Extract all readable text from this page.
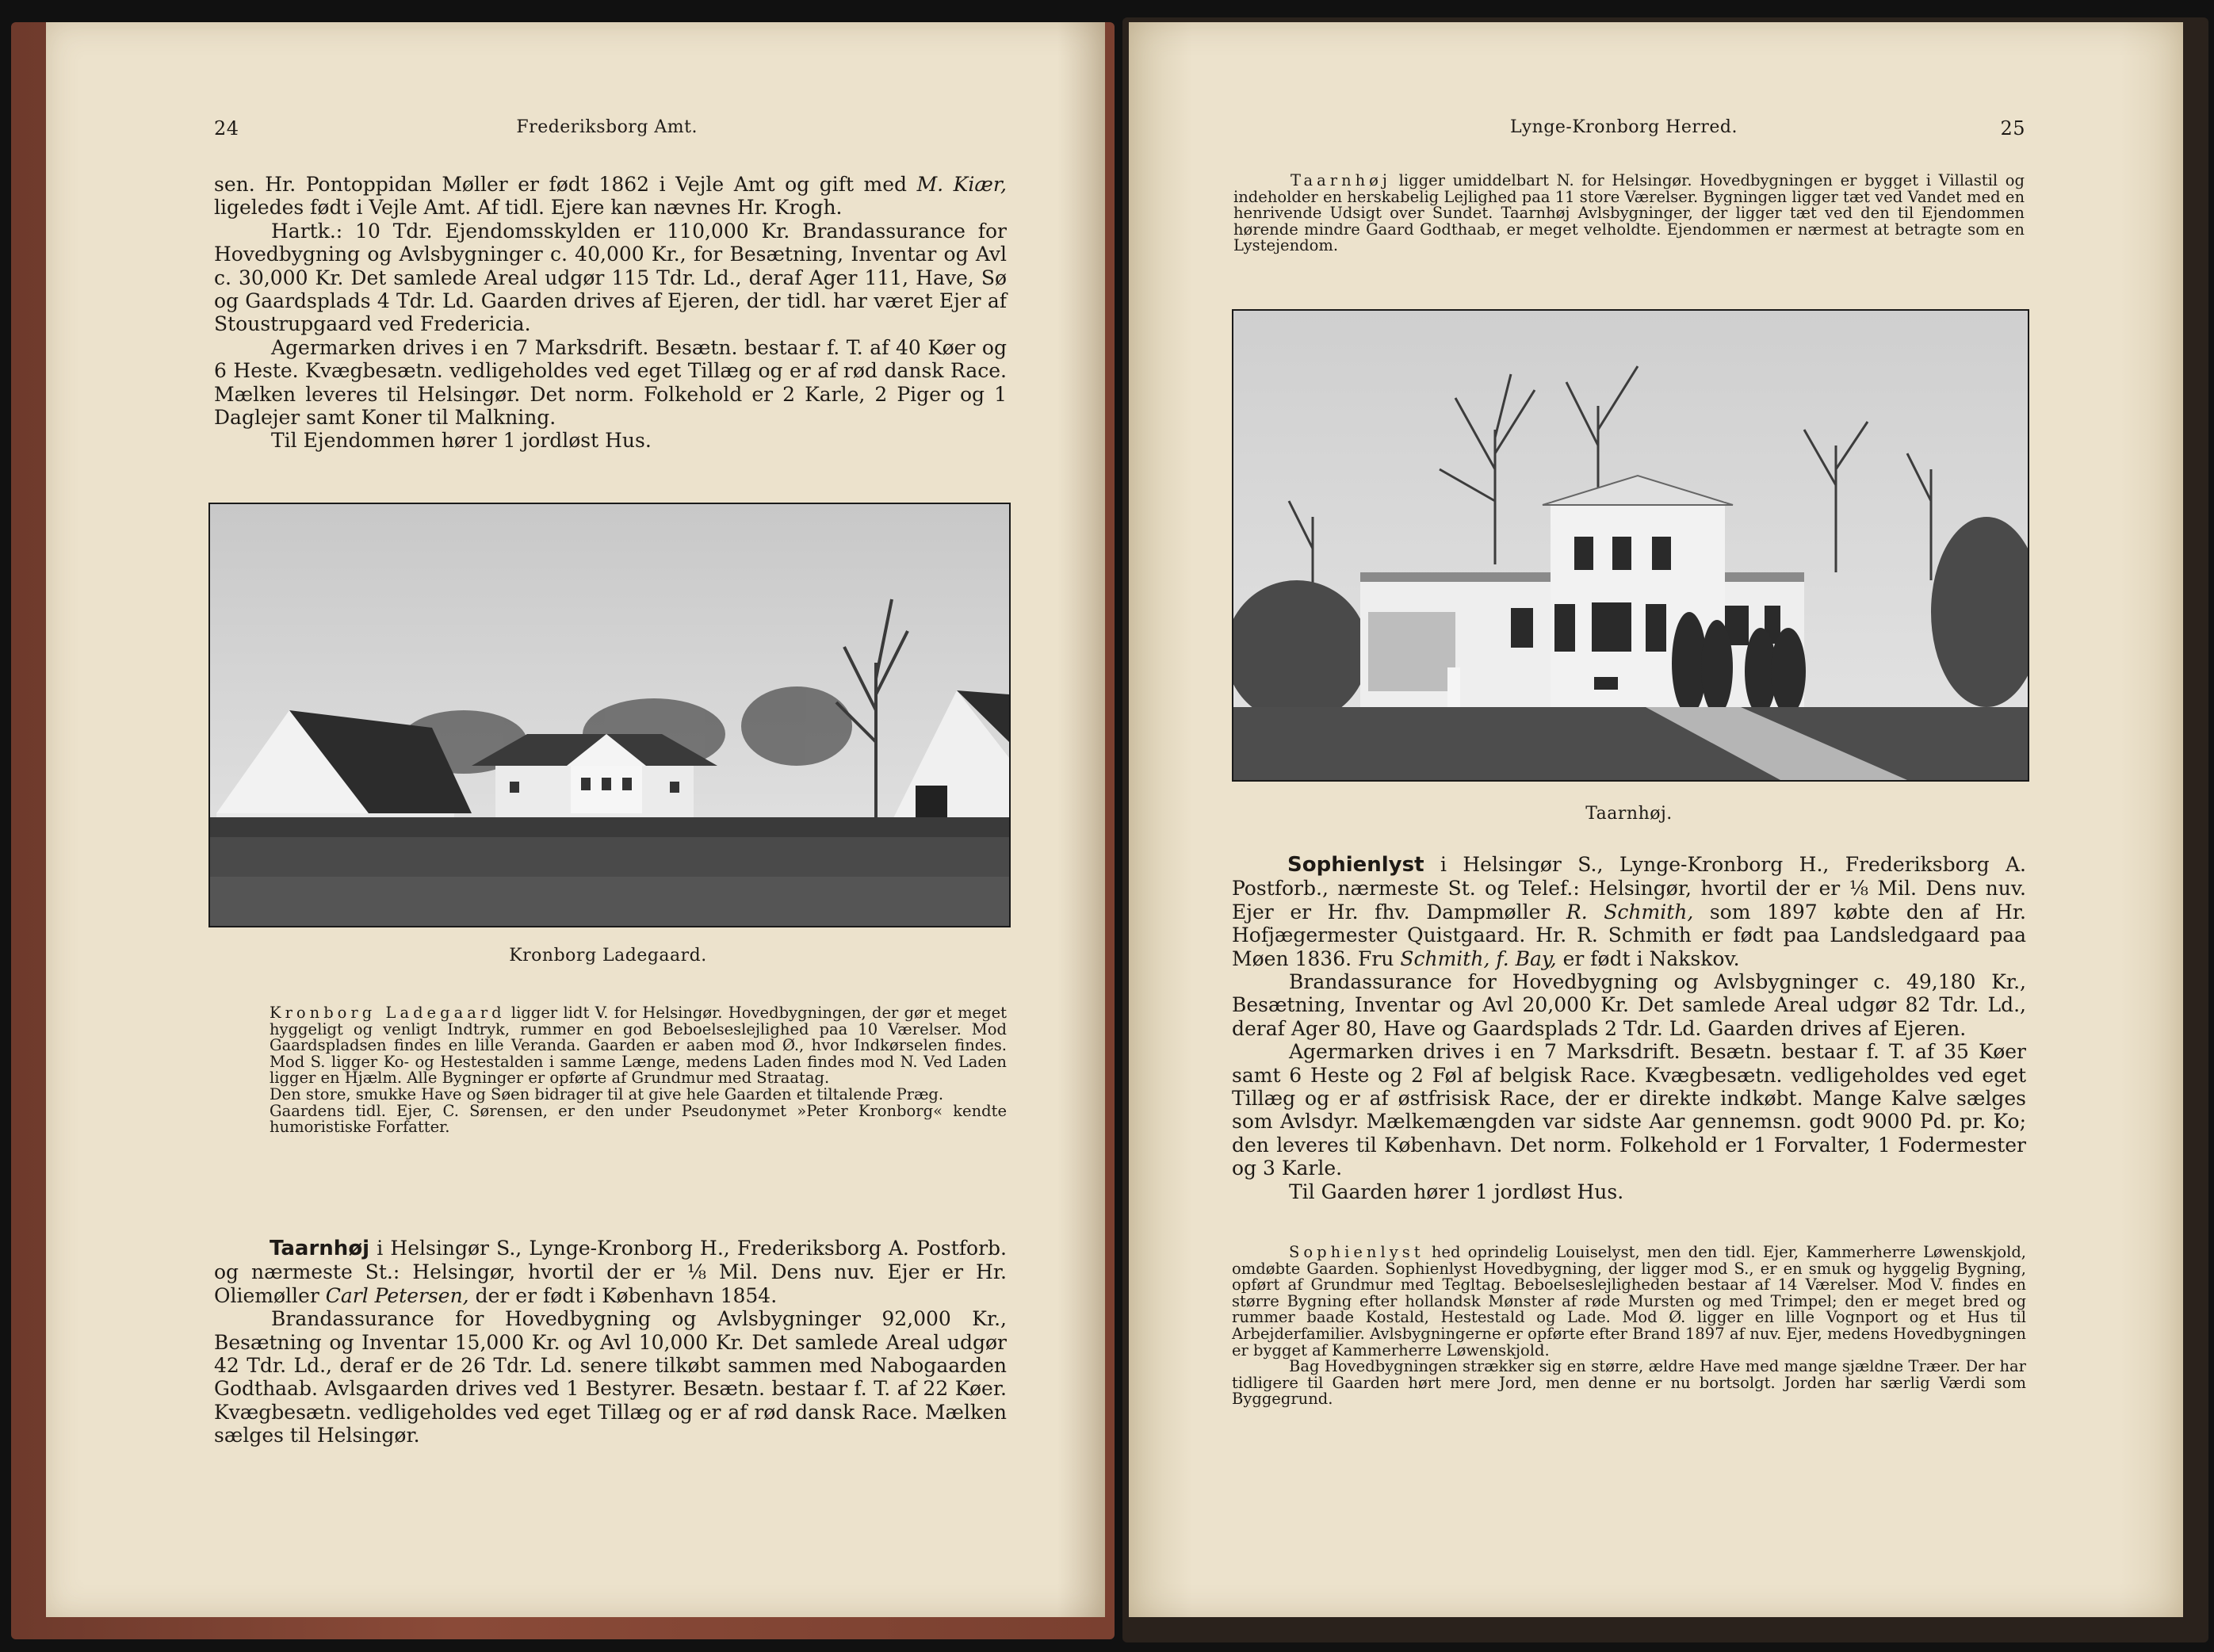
24	Frederiksborg Amt.

sen. Hr. Pontoppidan Møller er født 1862 i Vejle Amt og gift med M. Kiær, ligeledes født i Vejle Amt. Af tidl. Ejere kan nævnes Hr. Krogh.

Hartk.: 10 Tdr. Ejendomsskylden er 110,000 Kr. Brandassurance for Hovedbygning og Avlsbygninger c. 40,000 Kr., for Besætning, Inventar og Avl c. 30,000 Kr. Det samlede Areal udgør 115 Tdr. Ld., deraf Ager 111, Have, Sø og Gaardsplads 4 Tdr. Ld. Gaarden drives af Ejeren, der tidl. har været Ejer af Stoustrupgaard ved Fredericia.

Agermarken drives i en 7 Marksdrift. Besætn. bestaar f. T. af 40 Køer og 6 Heste. Kvægbesætn. vedligeholdes ved eget Tillæg og er af rød dansk Race. Mælken leveres til Helsingør. Det norm. Folkehold er 2 Karle, 2 Piger og 1 Daglejer samt Koner til Malkning.

Til Ejendommen hører 1 jordløst Hus.

Kronborg Ladegaard.

Kronborg Ladegaard ligger lidt V. for Helsingør. Hovedbygningen, der gør et meget hyggeligt og venligt Indtryk, rummer en god Beboelseslejlighed paa 10 Værelser. Mod Gaardspladsen findes en lille Veranda. Gaarden er aaben mod Ø., hvor Indkørselen findes. Mod S. ligger Ko- og Hestestalden i samme Længe, medens Laden findes mod N. Ved Laden ligger en Hjælm. Alle Bygninger er opførte af Grundmur med Straatag.

Den store, smukke Have og Søen bidrager til at give hele Gaarden et tiltalende Præg.

Gaardens tidl. Ejer, C. Sørensen, er den under Pseudonymet »Peter Kronborg« kendte humoristiske Forfatter.

Taarnhøj i Helsingør S., Lynge-Kronborg H., Frederiksborg A. Postforb. og nærmeste St.: Helsingør, hvortil der er ⅛ Mil. Dens nuv. Ejer er Hr. Oliemøller Carl Petersen, der er født i København 1854.

Brandassurance for Hovedbygning og Avlsbygninger 92,000 Kr., Besætning og Inventar 15,000 Kr. og Avl 10,000 Kr. Det samlede Areal udgør 42 Tdr. Ld., deraf er de 26 Tdr. Ld. senere tilkøbt sammen med Nabogaarden Godthaab. Avlsgaarden drives ved 1 Bestyrer. Besætn. bestaar f. T. af 22 Køer. Kvægbesætn. vedligeholdes ved eget Tillæg og er af rød dansk Race. Mælken sælges til Helsingør.

Lynge-Kronborg Herred.	25

Taarnhøj ligger umiddelbart N. for Helsingør. Hovedbygningen er bygget i Villastil og indeholder en herskabelig Lejlighed paa 11 store Værelser. Bygningen ligger tæt ved Vandet med en henrivende Udsigt over Sundet. Taarnhøj Avlsbygninger, der ligger tæt ved den til Ejendommen hørende mindre Gaard Godthaab, er meget velholdte. Ejendommen er nærmest at betragte som en Lystejendom.

Taarnhøj.

Sophienlyst i Helsingør S., Lynge-Kronborg H., Frederiksborg A. Postforb., nærmeste St. og Telef.: Helsingør, hvortil der er ⅛ Mil. Dens nuv. Ejer er Hr. fhv. Dampmøller R. Schmith, som 1897 købte den af Hr. Hofjægermester Quistgaard. Hr. R. Schmith er født paa Landsledgaard paa Møen 1836. Fru Schmith, f. Bay, er født i Nakskov.

Brandassurance for Hovedbygning og Avlsbygninger c. 49,180 Kr., Besætning, Inventar og Avl 20,000 Kr. Det samlede Areal udgør 82 Tdr. Ld., deraf Ager 80, Have og Gaardsplads 2 Tdr. Ld. Gaarden drives af Ejeren.

Agermarken drives i en 7 Marksdrift. Besætn. bestaar f. T. af 35 Køer samt 6 Heste og 2 Føl af belgisk Race. Kvægbesætn. vedligeholdes ved eget Tillæg og er af østfrisisk Race, der er direkte indkøbt. Mange Kalve sælges som Avlsdyr. Mælkemængden var sidste Aar gennemsn. godt 9000 Pd. pr. Ko; den leveres til København. Det norm. Folkehold er 1 Forvalter, 1 Fodermester og 3 Karle.

Til Gaarden hører 1 jordløst Hus.

Sophienlyst hed oprindelig Louiselyst, men den tidl. Ejer, Kammerherre Løwenskjold, omdøbte Gaarden. Sophienlyst Hovedbygning, der ligger mod S., er en smuk og hyggelig Bygning, opført af Grundmur med Tegltag. Beboelseslejligheden bestaar af 14 Værelser. Mod V. findes en større Bygning efter hollandsk Mønster af røde Mursten og med Trimpel; den er meget bred og rummer baade Kostald, Hestestald og Lade. Mod Ø. ligger en lille Vognport og et Hus til Arbejderfamilier. Avlsbygningerne er opførte efter Brand 1897 af nuv. Ejer, medens Hovedbygningen er bygget af Kammerherre Løwenskjold.

Bag Hovedbygningen strækker sig en større, ældre Have med mange sjældne Træer. Der har tidligere til Gaarden hørt mere Jord, men denne er nu bortsolgt. Jorden har særlig Værdi som Byggegrund.
